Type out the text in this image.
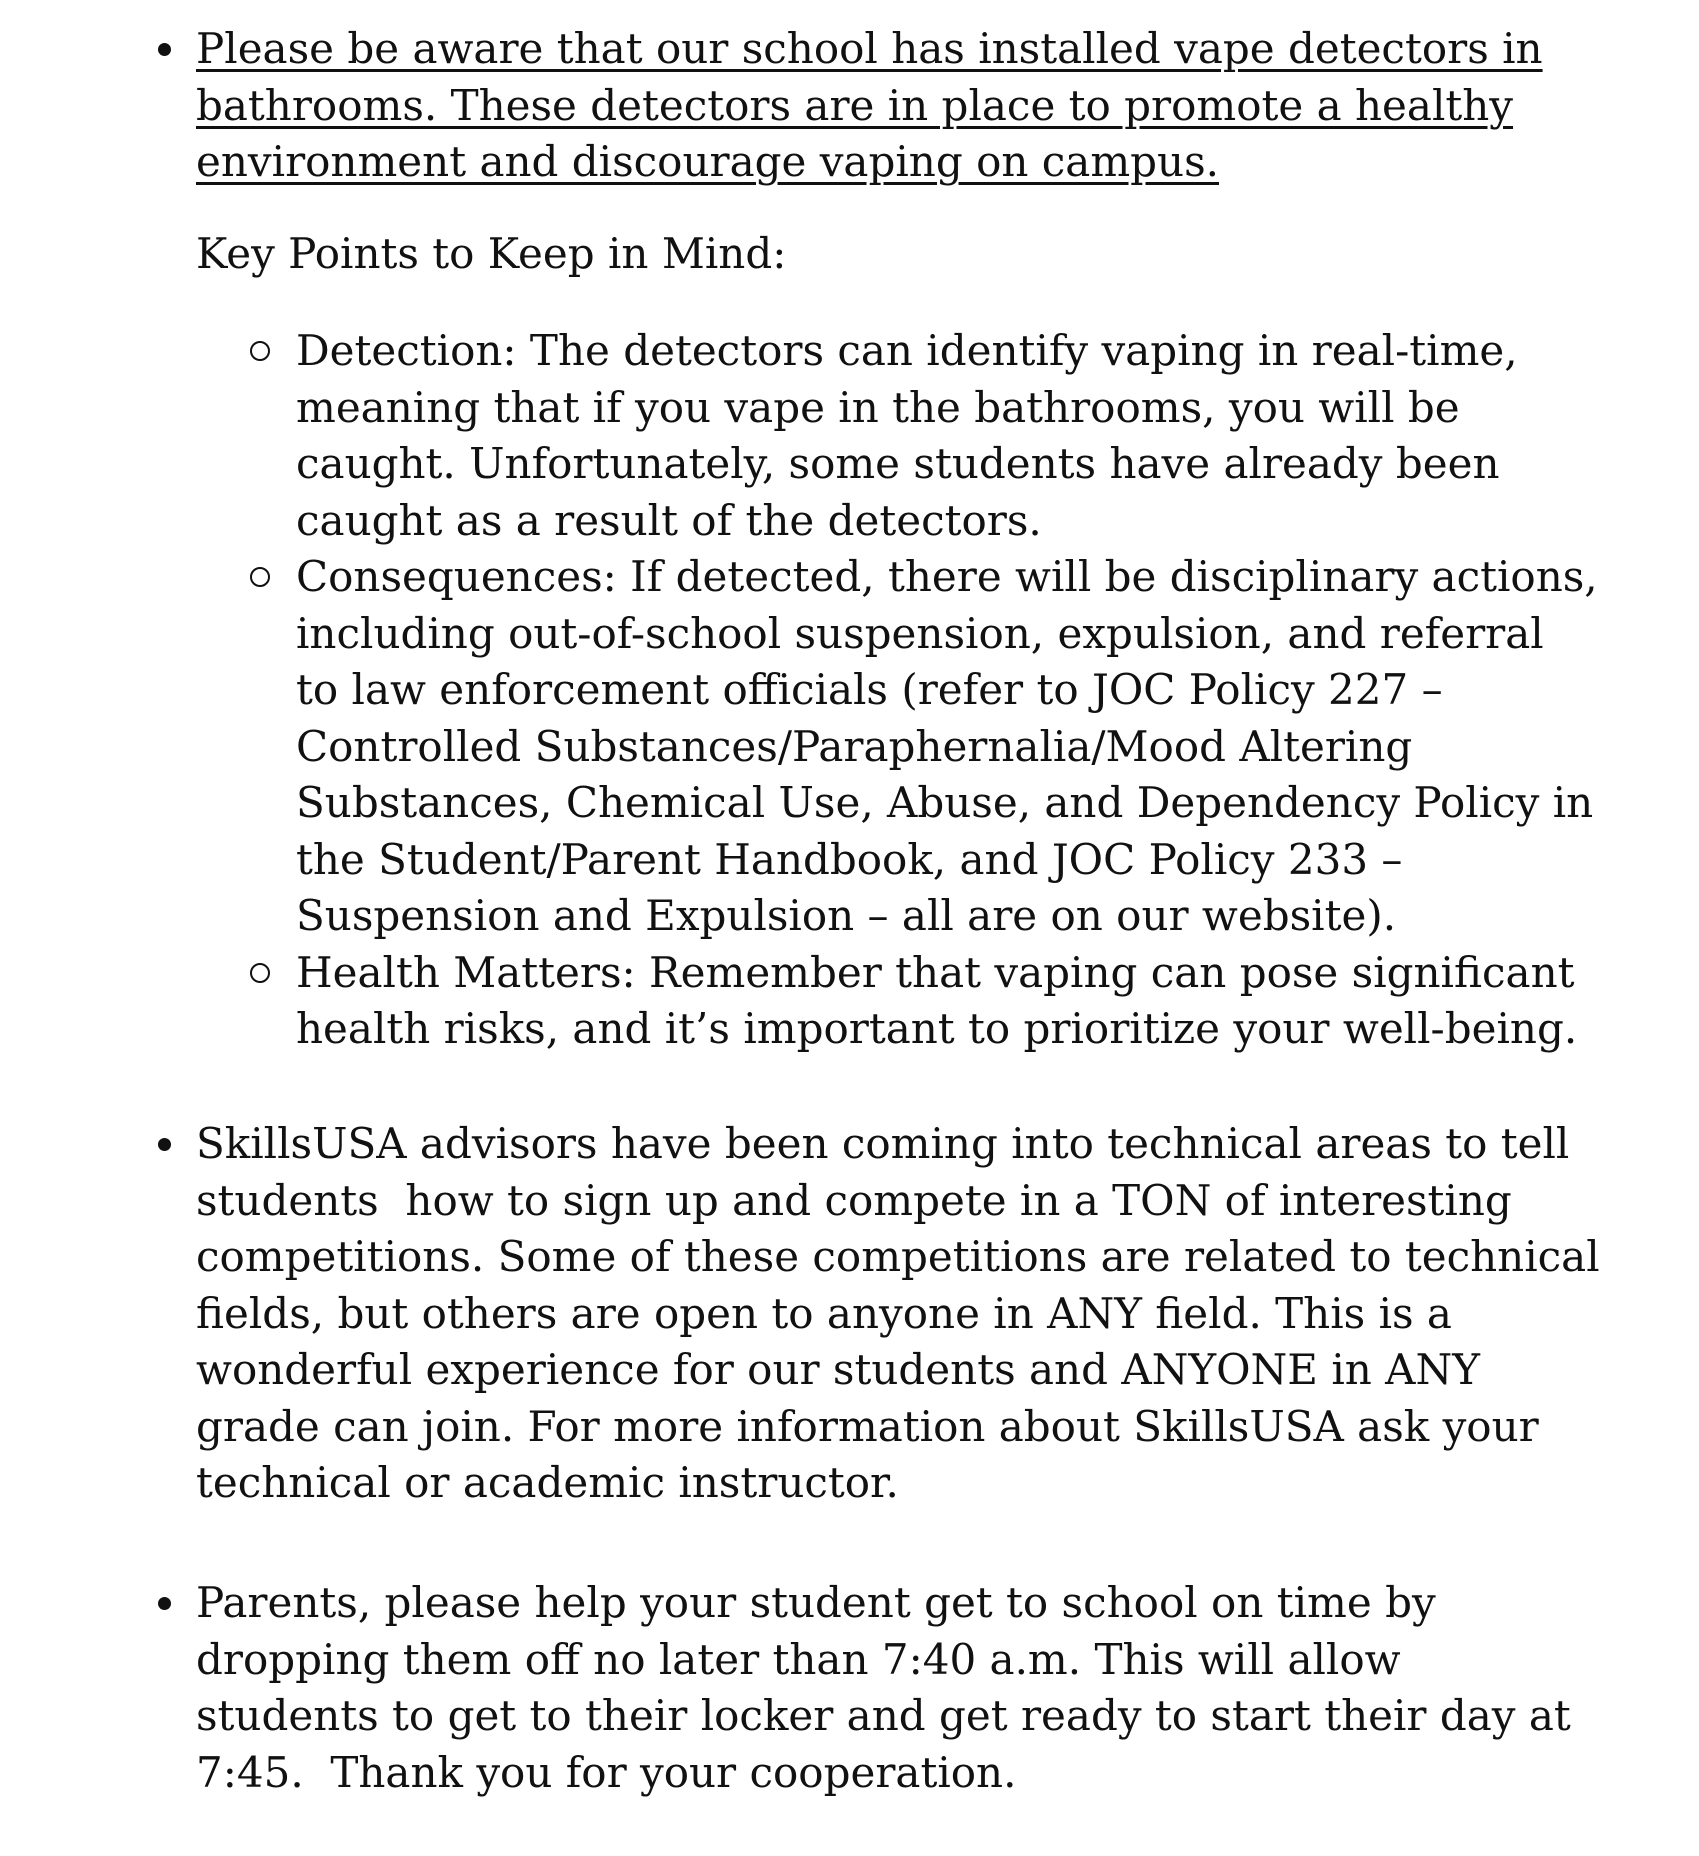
Please be aware that our school has installed vape detectors in
bathrooms. These detectors are in place to promote a healthy
environment and discourage vaping on campus.
Key Points to Keep in Mind:
Detection: The detectors can identify vaping in real-time,
meaning that if you vape in the bathrooms, you will be
caught. Unfortunately, some students have already been
caught as a result of the detectors.
Consequences: If detected, there will be disciplinary actions,
including out-of-school suspension, expulsion, and referral
to law enforcement officials (refer to JOC Policy 227 –
Controlled Substances/Paraphernalia/Mood Altering
Substances, Chemical Use, Abuse, and Dependency Policy in
the Student/Parent Handbook, and JOC Policy 233 –
Suspension and Expulsion – all are on our website).
Health Matters: Remember that vaping can pose significant
health risks, and it’s important to prioritize your well-being.
SkillsUSA advisors have been coming into technical areas to tell
students  how to sign up and compete in a TON of interesting
competitions. Some of these competitions are related to technical
fields, but others are open to anyone in ANY field. This is a
wonderful experience for our students and ANYONE in ANY
grade can join. For more information about SkillsUSA ask your
technical or academic instructor.
Parents, please help your student get to school on time by
dropping them off no later than 7:40 a.m. This will allow
students to get to their locker and get ready to start their day at
7:45.  Thank you for your cooperation.
